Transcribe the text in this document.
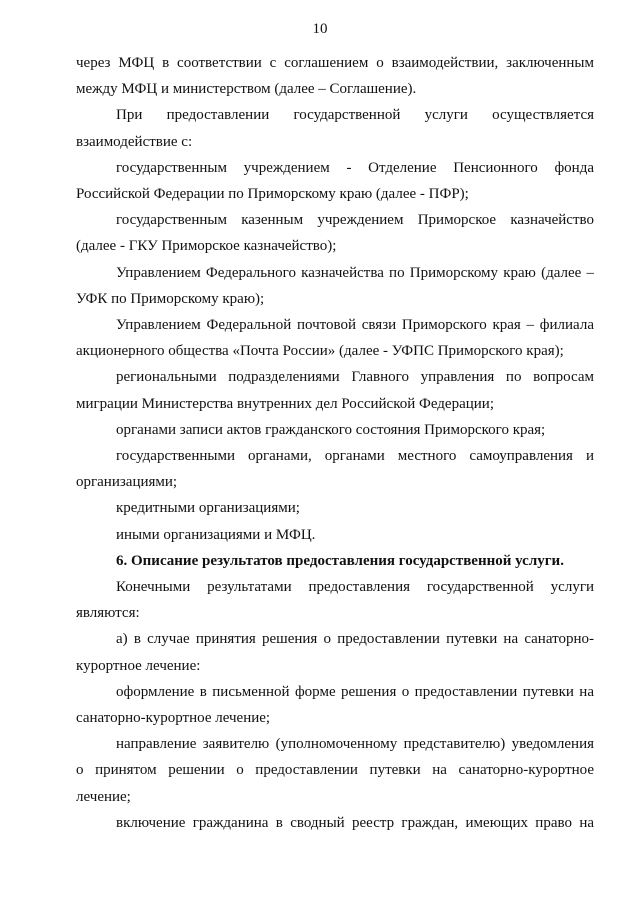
10

через МФЦ в соответствии с соглашением о взаимодействии, заключенным между МФЦ и министерством (далее – Соглашение).

При предоставлении государственной услуги осуществляется взаимодействие с:

государственным учреждением - Отделение Пенсионного фонда Российской Федерации по Приморскому краю (далее - ПФР);

государственным казенным учреждением Приморское казначейство (далее - ГКУ Приморское казначейство);

Управлением Федерального казначейства по Приморскому краю (далее – УФК по Приморскому краю);

Управлением Федеральной почтовой связи Приморского края – филиала акционерного общества «Почта России» (далее - УФПС Приморского края);

региональными подразделениями Главного управления по вопросам миграции Министерства внутренних дел Российской Федерации;

органами записи актов гражданского состояния Приморского края;

государственными органами, органами местного самоуправления и организациями;

кредитными организациями;

иными организациями и МФЦ.

6. Описание результатов предоставления государственной услуги.

Конечными результатами предоставления государственной услуги являются:

а) в случае принятия решения о предоставлении путевки на санаторно-курортное лечение:

оформление в письменной форме решения о предоставлении путевки на санаторно-курортное лечение;

направление заявителю (уполномоченному представителю) уведомления о принятом решении о предоставлении путевки на санаторно-курортное лечение;

включение гражданина в сводный реестр граждан, имеющих право на
